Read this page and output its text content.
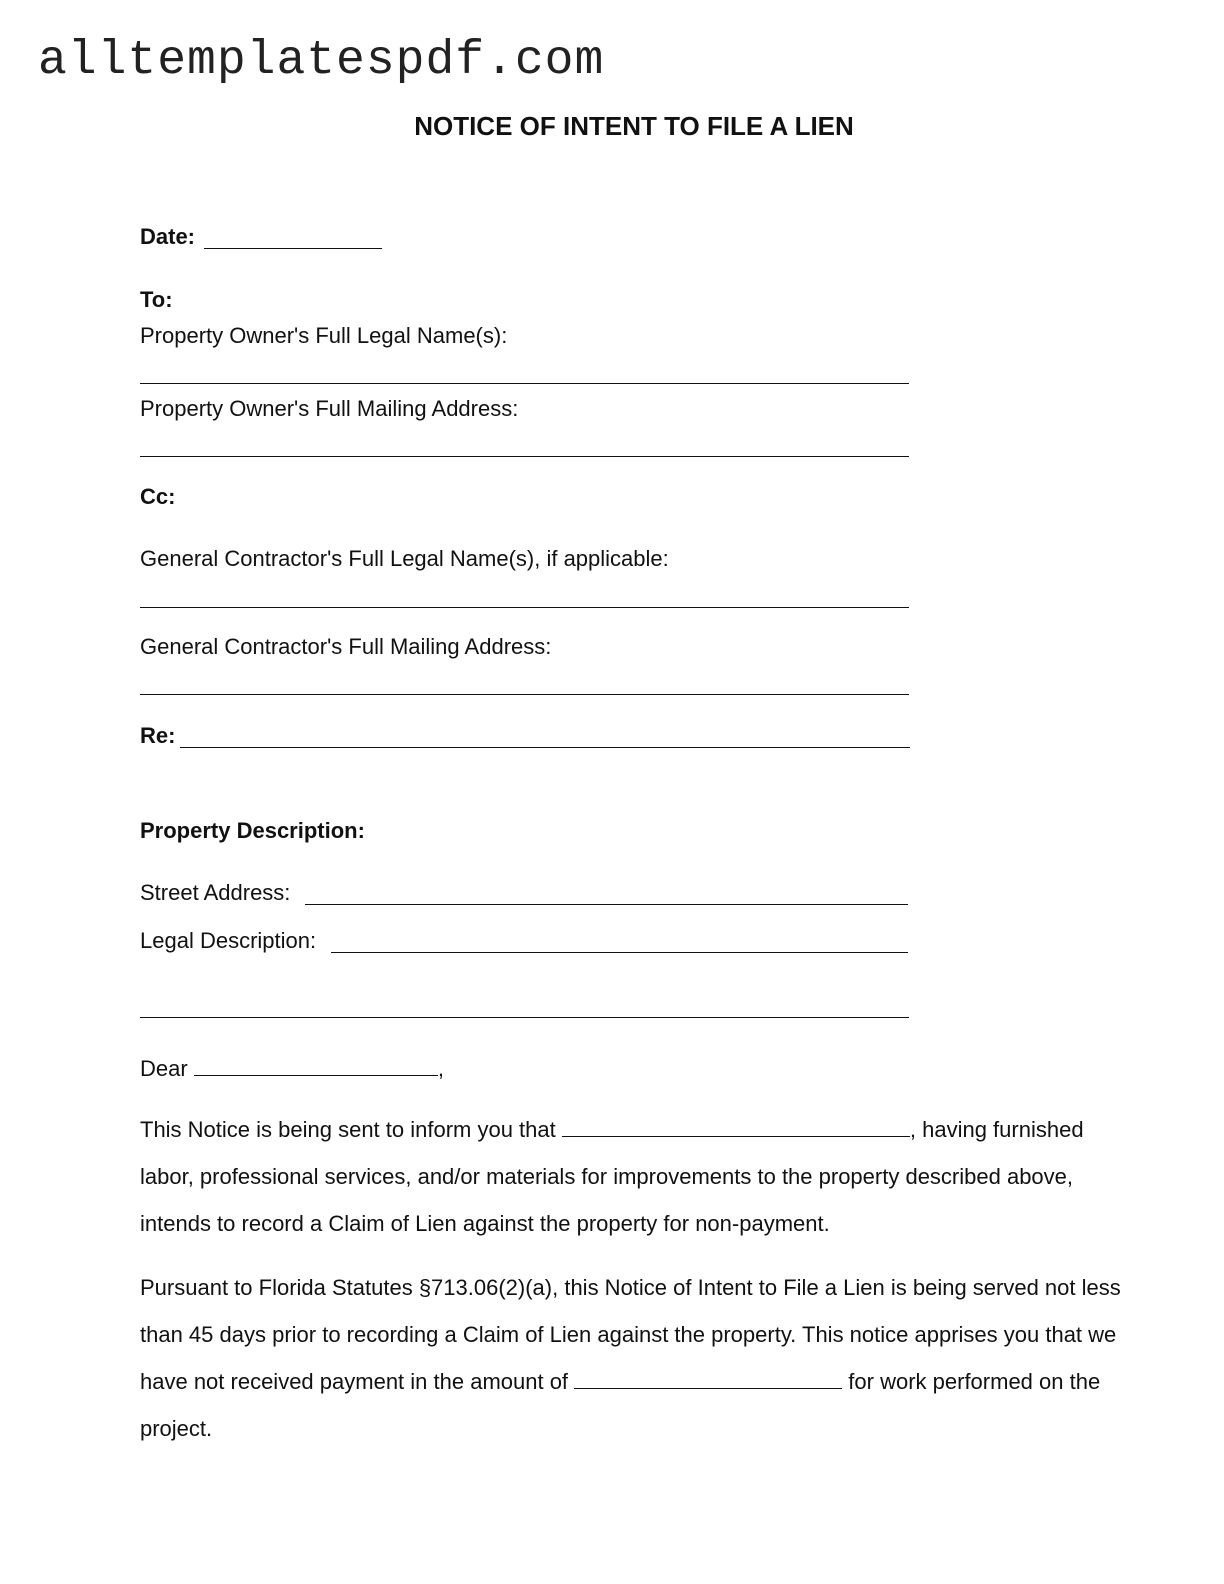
alltemplatespdf.com
NOTICE OF INTENT TO FILE A LIEN
Date:
To:
Property Owner's Full Legal Name(s):
Property Owner's Full Mailing Address:
Cc:
General Contractor's Full Legal Name(s), if applicable:
General Contractor's Full Mailing Address:
Re:
Property Description:
Street Address:
Legal Description:
Dear	,

This Notice is being sent to inform you that	, having furnished labor, professional services, and/or materials for improvements to the property described above, intends to record a Claim of Lien against the property for non-payment.

Pursuant to Florida Statutes §713.06(2)(a), this Notice of Intent to File a Lien is being served not less than 45 days prior to recording a Claim of Lien against the property. This notice apprises you that we have not received payment in the amount of	for work performed on the project.
